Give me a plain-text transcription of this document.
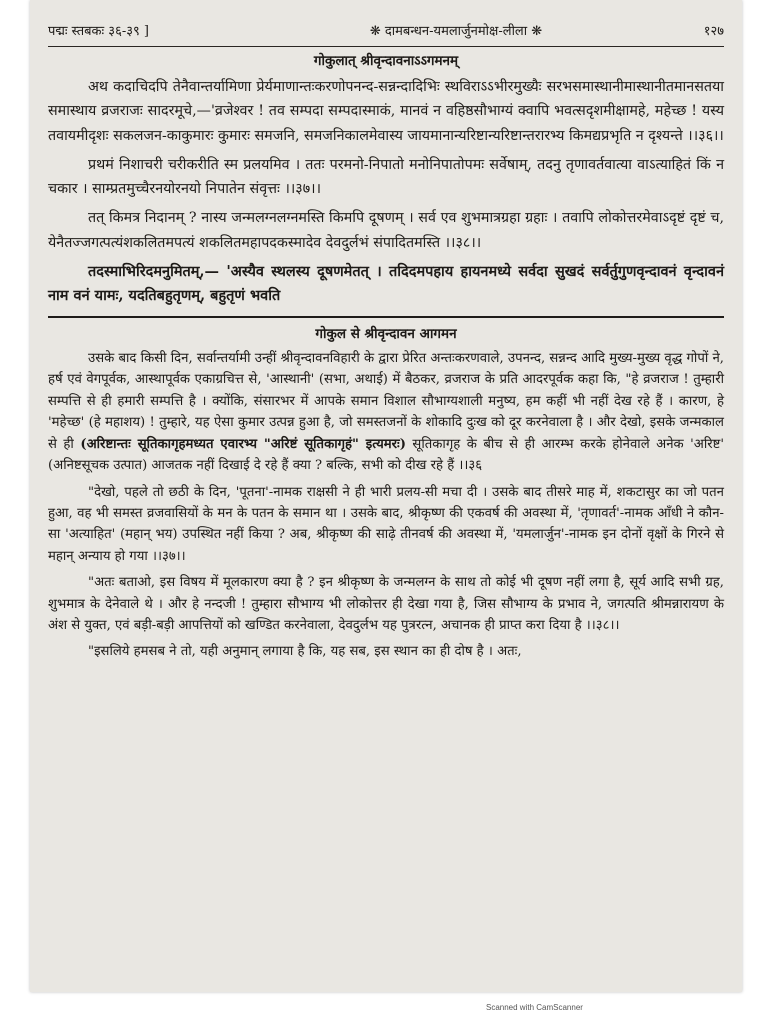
पद्मः स्तबकः ३६-३९ ]	❋ दामबन्धन-यमलार्जुनमोक्ष-लीला ❋	१२७
गोकुलात् श्रीवृन्दावनाऽऽगमनम्

अथ कदाचिदपि तेनैवान्तर्यामिणा प्रेर्यमाणान्तःकरणोपनन्द-सन्नन्दादिभिः स्थविराऽऽभीरमुख्यैः सरभसमास्थानीमास्थानीतमानसतया समास्थाय व्रजराजः सादरमूचे,—'व्रजेश्वर ! तव सम्पदा सम्पदास्माकं, मानवं न वहिष्ठसौभाग्यं क्वापि भवत्सदृशमीक्षामहे, महेच्छ ! यस्य तवायमीदृशः सकलजन-काकुमारः कुमारः समजनि, समजनिकालमेवास्य जायमानान्यरिष्टान्यरिष्टान्तरारभ्य किमद्यप्रभृति न दृश्यन्ते ।।३६।।

प्रथमं निशाचरी चरीकरीति स्म प्रलयमिव । ततः परमनो-निपातो मनोनिपातोपमः सर्वेषाम्, तदनु तृणावर्तवात्या वाऽत्याहितं किं न चकार । साम्प्रतमुच्चैरनयोरनयो निपातेन संवृत्तः ।।३७।।

तत् किमत्र निदानम् ? नास्य जन्मलग्नलग्नमस्ति किमपि दूषणम् । सर्व एव शुभमात्रग्रहा ग्रहाः । तवापि लोकोत्तरमेवाऽदृष्टं दृष्टं च, येनैतज्जगत्पत्यंशकलितमपत्यं शकलितमहापदकस्मादेव देवदुर्लभं संपादितमस्ति ।।३८।।

तदस्माभिरिदमनुमितम्,— 'अस्यैव स्थलस्य दूषणमेतत् । तदिदमपहाय हायनमध्ये सर्वदा सुखदं सर्वर्तुगुणवृन्दावनं वृन्दावनं नाम वनं यामः, यदतिबहुतृणम्, बहुतृणं भवति

गोकुल से श्रीवृन्दावन आगमन

उसके बाद किसी दिन, सर्वान्तर्यामी उन्हीं श्रीवृन्दावनविहारी के द्वारा प्रेरित अन्तःकरणवाले, उपनन्द, सन्नन्द आदि मुख्य-मुख्य वृद्ध गोपों ने, हर्ष एवं वेगपूर्वक, आस्थापूर्वक एकाग्रचित्त से, 'आस्थानी' (सभा, अथाई) में बैठकर, व्रजराज के प्रति आदरपूर्वक कहा कि, "हे व्रजराज ! तुम्हारी सम्पत्ति से ही हमारी सम्पत्ति है । क्योंकि, संसारभर में आपके समान विशाल सौभाग्यशाली मनुष्य, हम कहीं भी नहीं देख रहे हैं । कारण, हे 'महेच्छ' (हे महाशय) ! तुम्हारे, यह ऐसा कुमार उत्पन्न हुआ है, जो समस्तजनों के शोकादि दुःख को दूर करनेवाला है । और देखो, इसके जन्मकाल से ही (अरिष्टान्तः सूतिकागृहमध्यत एवारभ्य "अरिष्टं सूतिकागृहं" इत्यमरः) सूतिकागृह के बीच से ही आरम्भ करके होनेवाले अनेक 'अरिष्ट' (अनिष्टसूचक उत्पात) आजतक नहीं दिखाई दे रहे हैं क्या ? बल्कि, सभी को दीख रहे हैं ।।३६

"देखो, पहले तो छठी के दिन, 'पूतना'-नामक राक्षसी ने ही भारी प्रलय-सी मचा दी । उसके बाद तीसरे माह में, शकटासुर का जो पतन हुआ, वह भी समस्त व्रजवासियों के मन के पतन के समान था । उसके बाद, श्रीकृष्ण की एकवर्ष की अवस्था में, 'तृणावर्त'-नामक आँधी ने कौन-सा 'अत्याहित' (महान् भय) उपस्थित नहीं किया ? अब, श्रीकृष्ण की साढ़े तीनवर्ष की अवस्था में, 'यमलार्जुन'-नामक इन दोनों वृक्षों के गिरने से महान् अन्याय हो गया ।।३७।।

"अतः बताओ, इस विषय में मूलकारण क्या है ? इन श्रीकृष्ण के जन्मलग्न के साथ तो कोई भी दूषण नहीं लगा है, सूर्य आदि सभी ग्रह, शुभमात्र के देनेवाले थे । और हे नन्दजी ! तुम्हारा सौभाग्य भी लोकोत्तर ही देखा गया है, जिस सौभाग्य के प्रभाव ने, जगत्पति श्रीमन्नारायण के अंश से युक्त, एवं बड़ी-बड़ी आपत्तियों को खण्डित करनेवाला, देवदुर्लभ यह पुत्ररत्न, अचानक ही प्राप्त करा दिया है ।।३८।।

"इसलिये हमसब ने तो, यही अनुमान् लगाया है कि, यह सब, इस स्थान का ही दोष है । अतः,

Scanned with CamScanner
